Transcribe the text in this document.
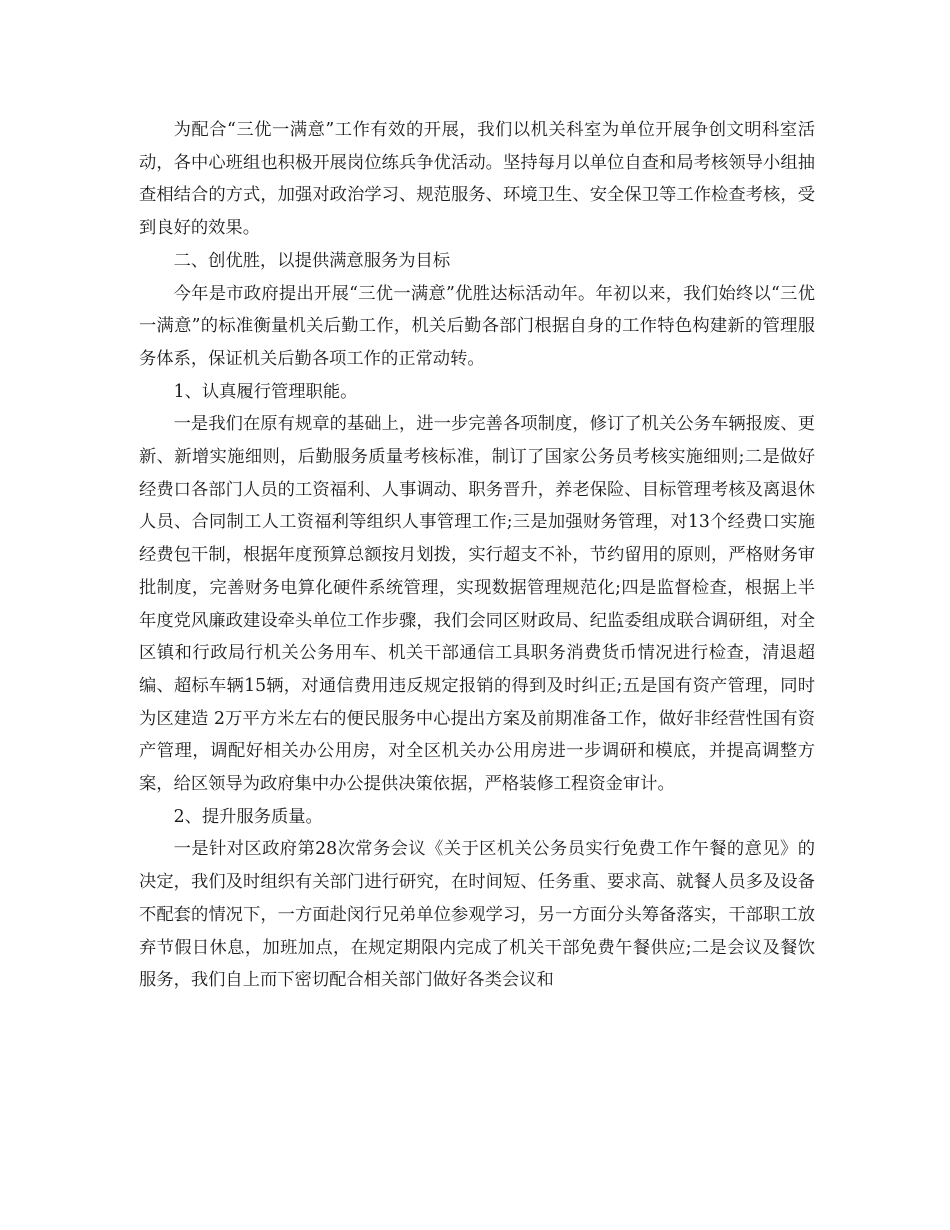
为配合“三优一满意”工作有效的开展，我们以机关科室为单位开展争创文明科室活动，各中心班组也积极开展岗位练兵争优活动。坚持每月以单位自查和局考核领导小组抽查相结合的方式，加强对政治学习、规范服务、环境卫生、安全保卫等工作检查考核，受到良好的效果。

二、创优胜，以提供满意服务为目标

今年是市政府提出开展“三优一满意”优胜达标活动年。年初以来，我们始终以“三优一满意”的标准衡量机关后勤工作，机关后勤各部门根据自身的工作特色构建新的管理服务体系，保证机关后勤各项工作的正常动转。

1、认真履行管理职能。

一是我们在原有规章的基础上，进一步完善各项制度，修订了机关公务车辆报废、更新、新增实施细则，后勤服务质量考核标准，制订了国家公务员考核实施细则;二是做好经费口各部门人员的工资福利、人事调动、职务晋升，养老保险、目标管理考核及离退休人员、合同制工人工资福利等组织人事管理工作;三是加强财务管理，对13个经费口实施经费包干制，根据年度预算总额按月划拨，实行超支不补，节约留用的原则，严格财务审批制度，完善财务电算化硬件系统管理，实现数据管理规范化;四是监督检查，根据上半年度党风廉政建设牵头单位工作步骤，我们会同区财政局、纪监委组成联合调研组，对全区镇和行政局行机关公务用车、机关干部通信工具职务消费货币情况进行检查，清退超编、超标车辆15辆，对通信费用违反规定报销的得到及时纠正;五是国有资产管理，同时为区建造 2万平方米左右的便民服务中心提出方案及前期准备工作，做好非经营性国有资产管理，调配好相关办公用房，对全区机关办公用房进一步调研和模底，并提高调整方案，给区领导为政府集中办公提供决策依据，严格装修工程资金审计。

2、提升服务质量。

一是针对区政府第28次常务会议《关于区机关公务员实行免费工作午餐的意见》的决定，我们及时组织有关部门进行研究，在时间短、任务重、要求高、就餐人员多及设备不配套的情况下，一方面赴闵行兄弟单位参观学习，另一方面分头筹备落实，干部职工放弃节假日休息，加班加点，在规定期限内完成了机关干部免费午餐供应;二是会议及餐饮服务，我们自上而下密切配合相关部门做好各类会议和
